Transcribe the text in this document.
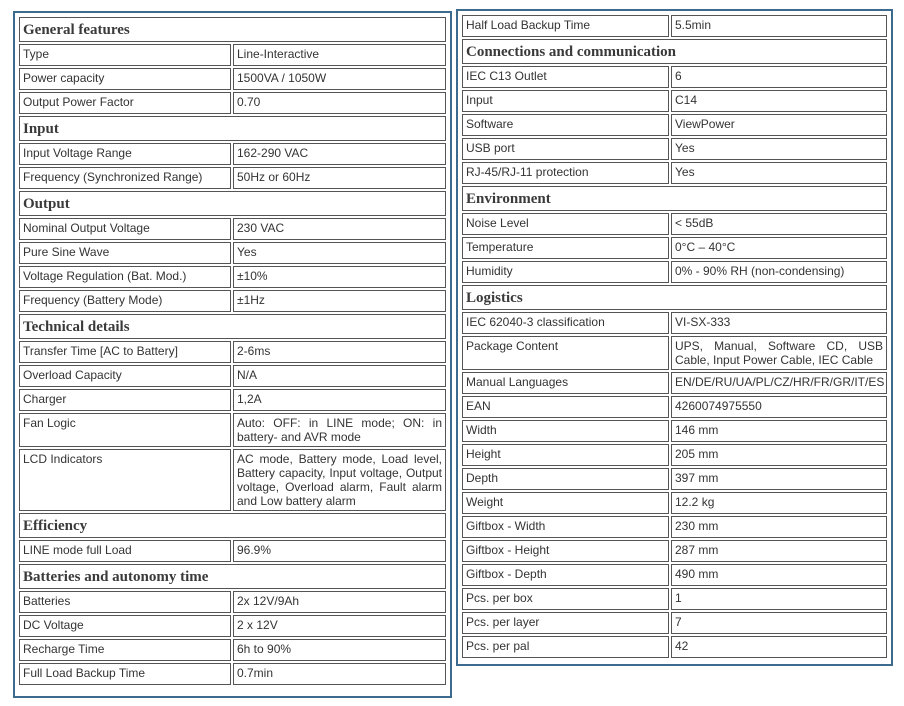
General features	
Type	Line-Interactive
Power capacity	1500VA / 1050W
Output Power Factor	0.70
Input	
Input Voltage Range	162-290 VAC
Frequency (Synchronized Range)	50Hz or 60Hz
Output	
Nominal Output Voltage	230 VAC
Pure Sine Wave	Yes
Voltage Regulation (Bat. Mod.)	±10%
Frequency (Battery Mode)	±1Hz
Technical details	
Transfer Time [AC to Battery]	2-6ms
Overload Capacity	N/A
Charger	1,2A
Fan Logic	Auto: OFF: in LINE mode; ON: in battery- and AVR mode
LCD Indicators	AC mode, Battery mode, Load level, Battery capacity, Input voltage, Output voltage, Overload alarm, Fault alarm and Low battery alarm
Efficiency	
LINE mode full Load	96.9%
Batteries and autonomy time	
Batteries	2x 12V/9Ah
DC Voltage	2 x 12V
Recharge Time	6h to 90%
Full Load Backup Time	0.7min
Half Load Backup Time	5.5min
Connections and communication	
IEC C13 Outlet	6
Input	C14
Software	ViewPower
USB port	Yes
RJ-45/RJ-11 protection	Yes
Environment	
Noise Level	< 55dB
Temperature	0°C – 40°C
Humidity	0% - 90% RH (non-condensing)
Logistics	
IEC 62040-3 classification	VI-SX-333
Package Content	UPS, Manual, Software CD, USB Cable, Input Power Cable, IEC Cable
Manual Languages	EN/DE/RU/UA/PL/CZ/HR/FR/GR/IT/ES
EAN	4260074975550
Width	146 mm
Height	205 mm
Depth	397 mm
Weight	12.2 kg
Giftbox - Width	230 mm
Giftbox - Height	287 mm
Giftbox - Depth	490 mm
Pcs. per box	1
Pcs. per layer	7
Pcs. per pal	42
